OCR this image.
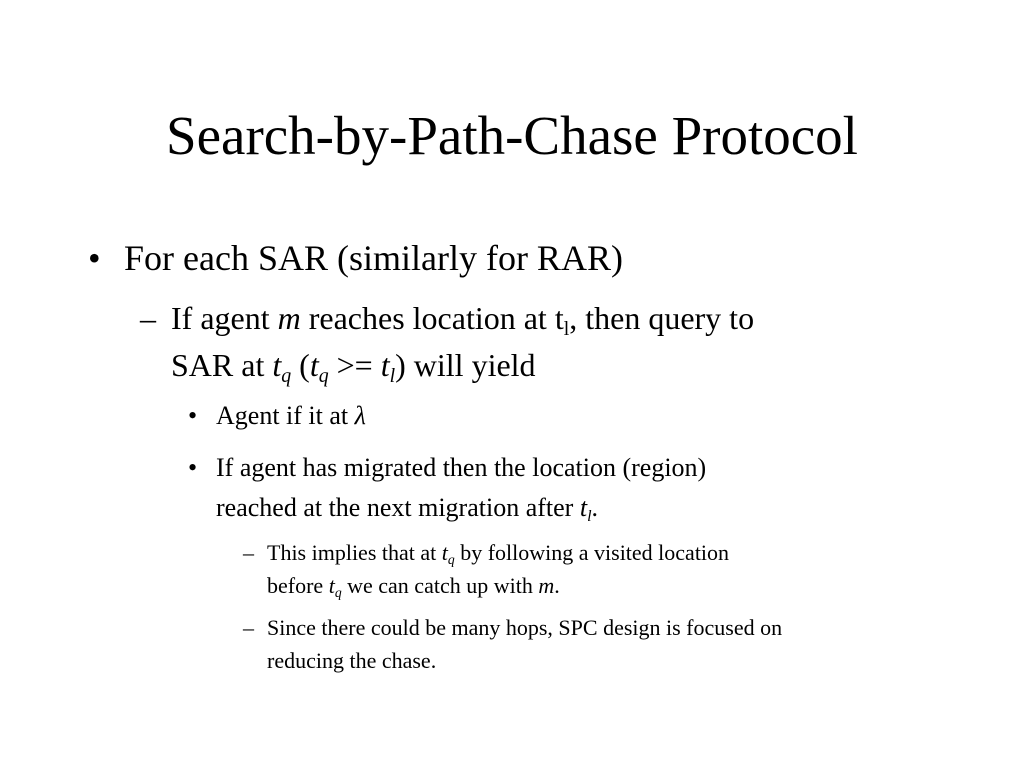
Search-by-Path-Chase Protocol
• For each SAR (similarly for RAR)
– If agent m reaches location at $t_l$, then query to
SAR at $t_q$ $(t_q >= t_l)$ will yield
• Agent if it at λ
• If agent has migrated then the location (region)
reached at the next migration after $t_l$.
– This implies that at $t_q$ by following a visited location
before $t_q$ we can catch up with m.
– Since there could be many hops, SPC design is focused on
reducing the chase.
